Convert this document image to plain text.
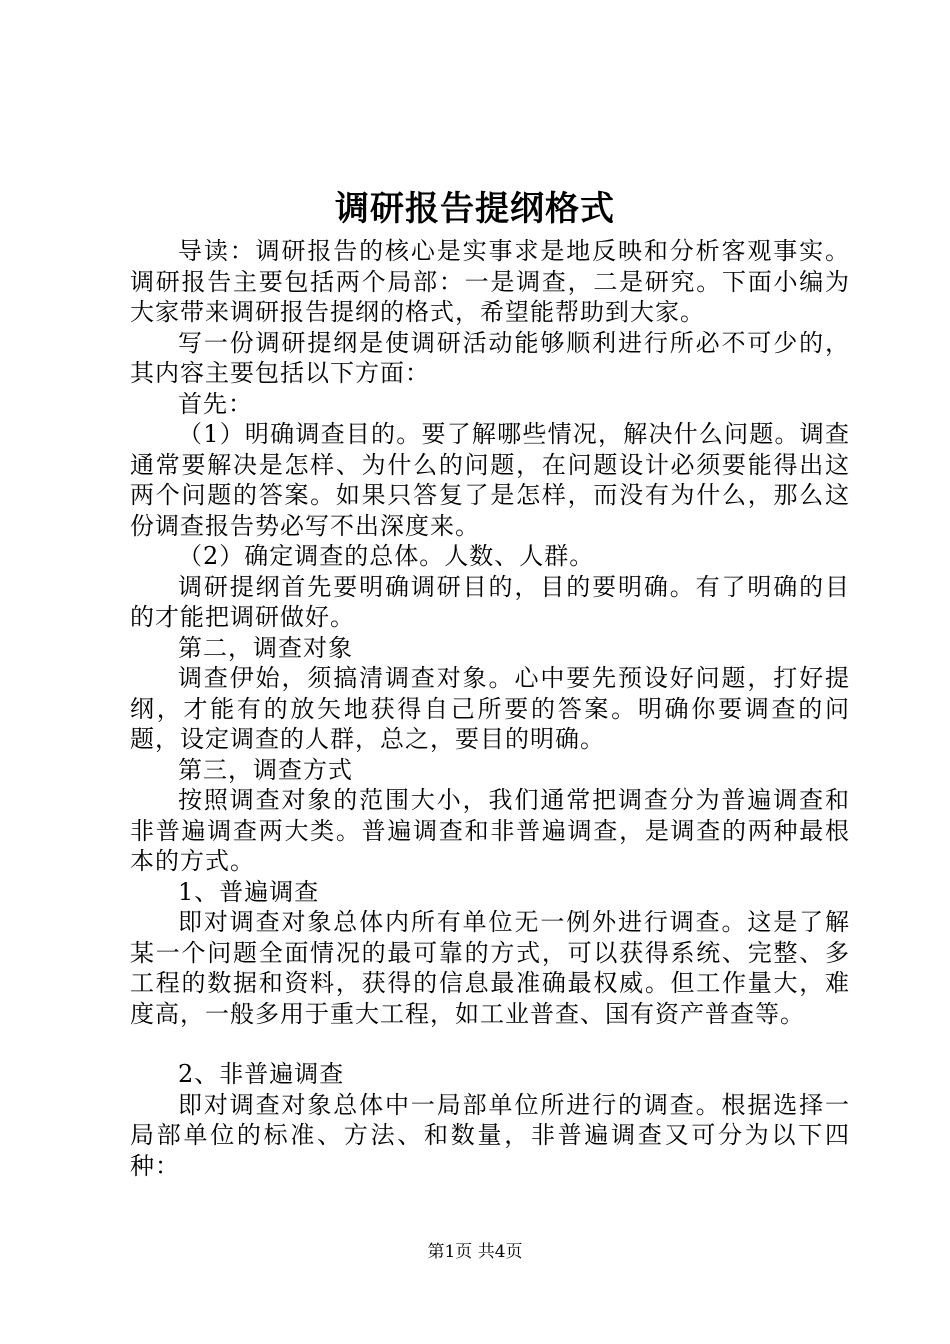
调研报告提纲格式

导读：调研报告的核心是实事求是地反映和分析客观事实。调研报告主要包括两个局部：一是调查，二是研究。下面小编为大家带来调研报告提纲的格式，希望能帮助到大家。

写一份调研提纲是使调研活动能够顺利进行所必不可少的，其内容主要包括以下方面：

首先：

（1）明确调查目的。要了解哪些情况，解决什么问题。调查通常要解决是怎样、为什么的问题，在问题设计必须要能得出这两个问题的答案。如果只答复了是怎样，而没有为什么，那么这份调查报告势必写不出深度来。

（2）确定调查的总体。人数、人群。

调研提纲首先要明确调研目的，目的要明确。有了明确的目的才能把调研做好。

第二，调查对象

调查伊始，须搞清调查对象。心中要先预设好问题，打好提纲，才能有的放矢地获得自己所要的答案。明确你要调查的问题，设定调查的人群，总之，要目的明确。

第三，调查方式

按照调查对象的范围大小，我们通常把调查分为普遍调查和非普遍调查两大类。普遍调查和非普遍调查，是调查的两种最根本的方式。

1、普遍调查

即对调查对象总体内所有单位无一例外进行调查。这是了解某一个问题全面情况的最可靠的方式，可以获得系统、完整、多工程的数据和资料，获得的信息最准确最权威。但工作量大，难度高，一般多用于重大工程，如工业普查、国有资产普查等。

2、非普遍调查

即对调查对象总体中一局部单位所进行的调查。根据选择一局部单位的标准、方法、和数量，非普遍调查又可分为以下四种：

第1页 共4页
